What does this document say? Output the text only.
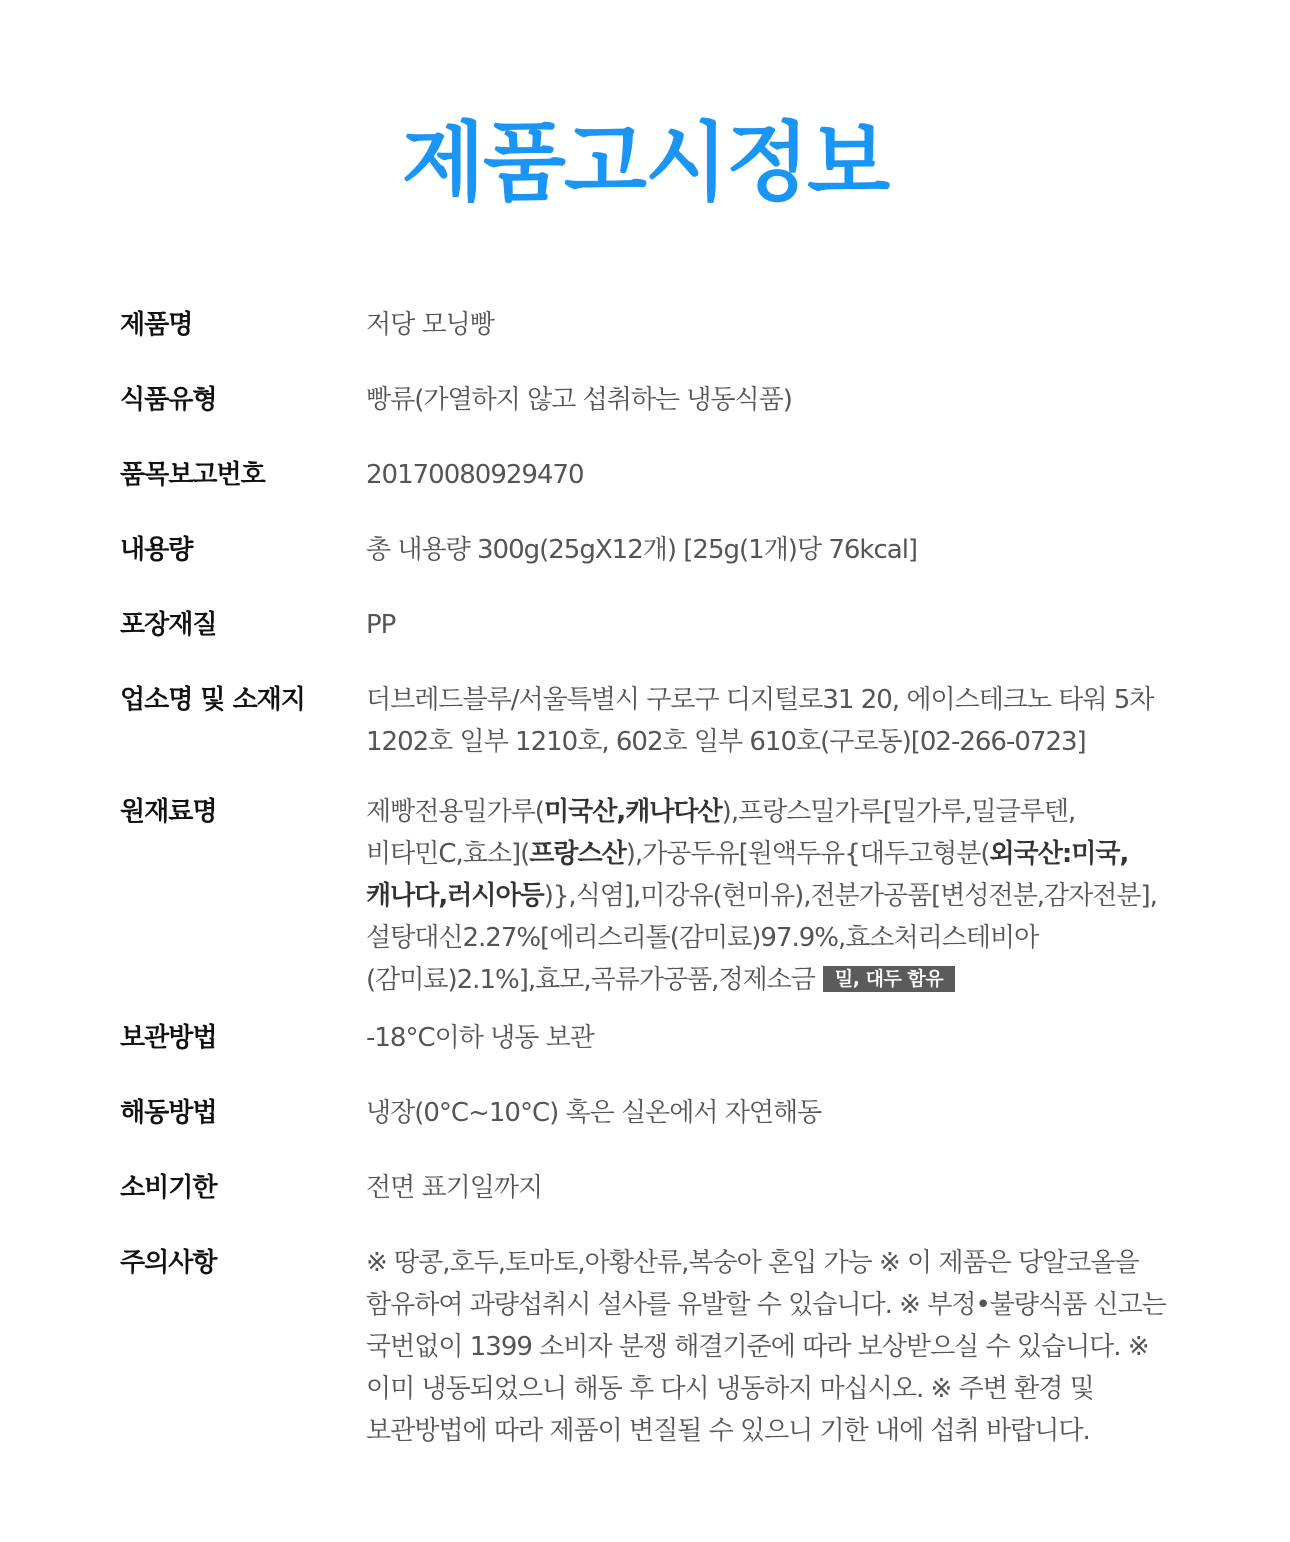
제품고시정보
제품명	저당 모닝빵
식품유형	빵류(가열하지 않고 섭취하는 냉동식품)
품목보고번호	20170080929470
내용량	총 내용량 300g(25gX12개) [25g(1개)당 76kcal]
포장재질	PP
업소명 및 소재지	더브레드블루/서울특별시 구로구 디지털로31 20, 에이스테크노 타워 5차 1202호 일부 1210호, 602호 일부 610호(구로동)[02-266-0723]
원재료명	제빵전용밀가루(미국산,캐나다산),프랑스밀가루[밀가루,밀글루텐,비타민C,효소](프랑스산),가공두유[원액두유{대두고형분(외국산:미국,캐나다,러시아등)},식염],미강유(현미유),전분가공품[변성전분,감자전분],설탕대신2.27%[에리스리톨(감미료)97.9%,효소처리스테비아(감미료)2.1%],효모,곡류가공품,정제소금 밀, 대두 함유
보관방법	-18°C이하 냉동 보관
해동방법	냉장(0°C~10°C) 혹은 실온에서 자연해동
소비기한	전면 표기일까지
주의사항	※ 땅콩,호두,토마토,아황산류,복숭아 혼입 가능 ※ 이 제품은 당알코올을 함유하여 과량섭취시 설사를 유발할 수 있습니다. ※ 부정•불량식품 신고는 국번없이 1399 소비자 분쟁 해결기준에 따라 보상받으실 수 있습니다. ※ 이미 냉동되었으니 해동 후 다시 냉동하지 마십시오. ※ 주변 환경 및 보관방법에 따라 제품이 변질될 수 있으니 기한 내에 섭취 바랍니다.
